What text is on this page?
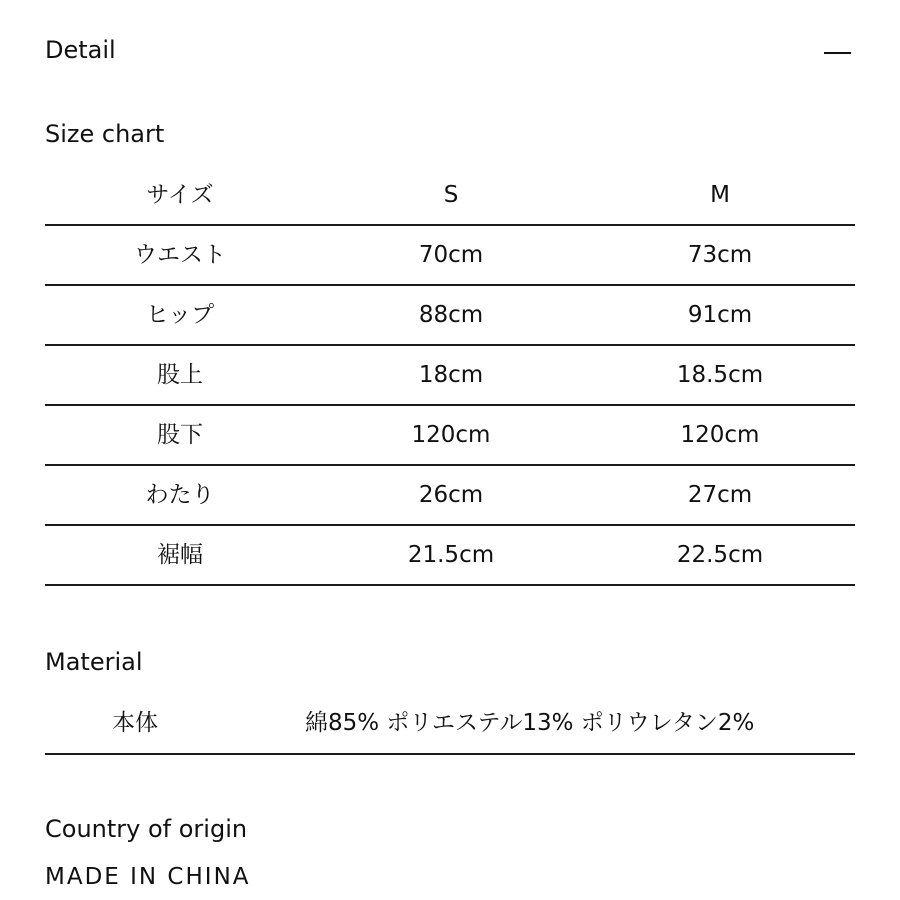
Detail
Size chart
サイズ	S	M
ウエスト	70cm	73cm
ヒップ	88cm	91cm
股上	18cm	18.5cm
股下	120cm	120cm
わたり	26cm	27cm
裾幅	21.5cm	22.5cm
Material
本体	綿85% ポリエステル13% ポリウレタン2%
Country of origin
MADE IN CHINA
